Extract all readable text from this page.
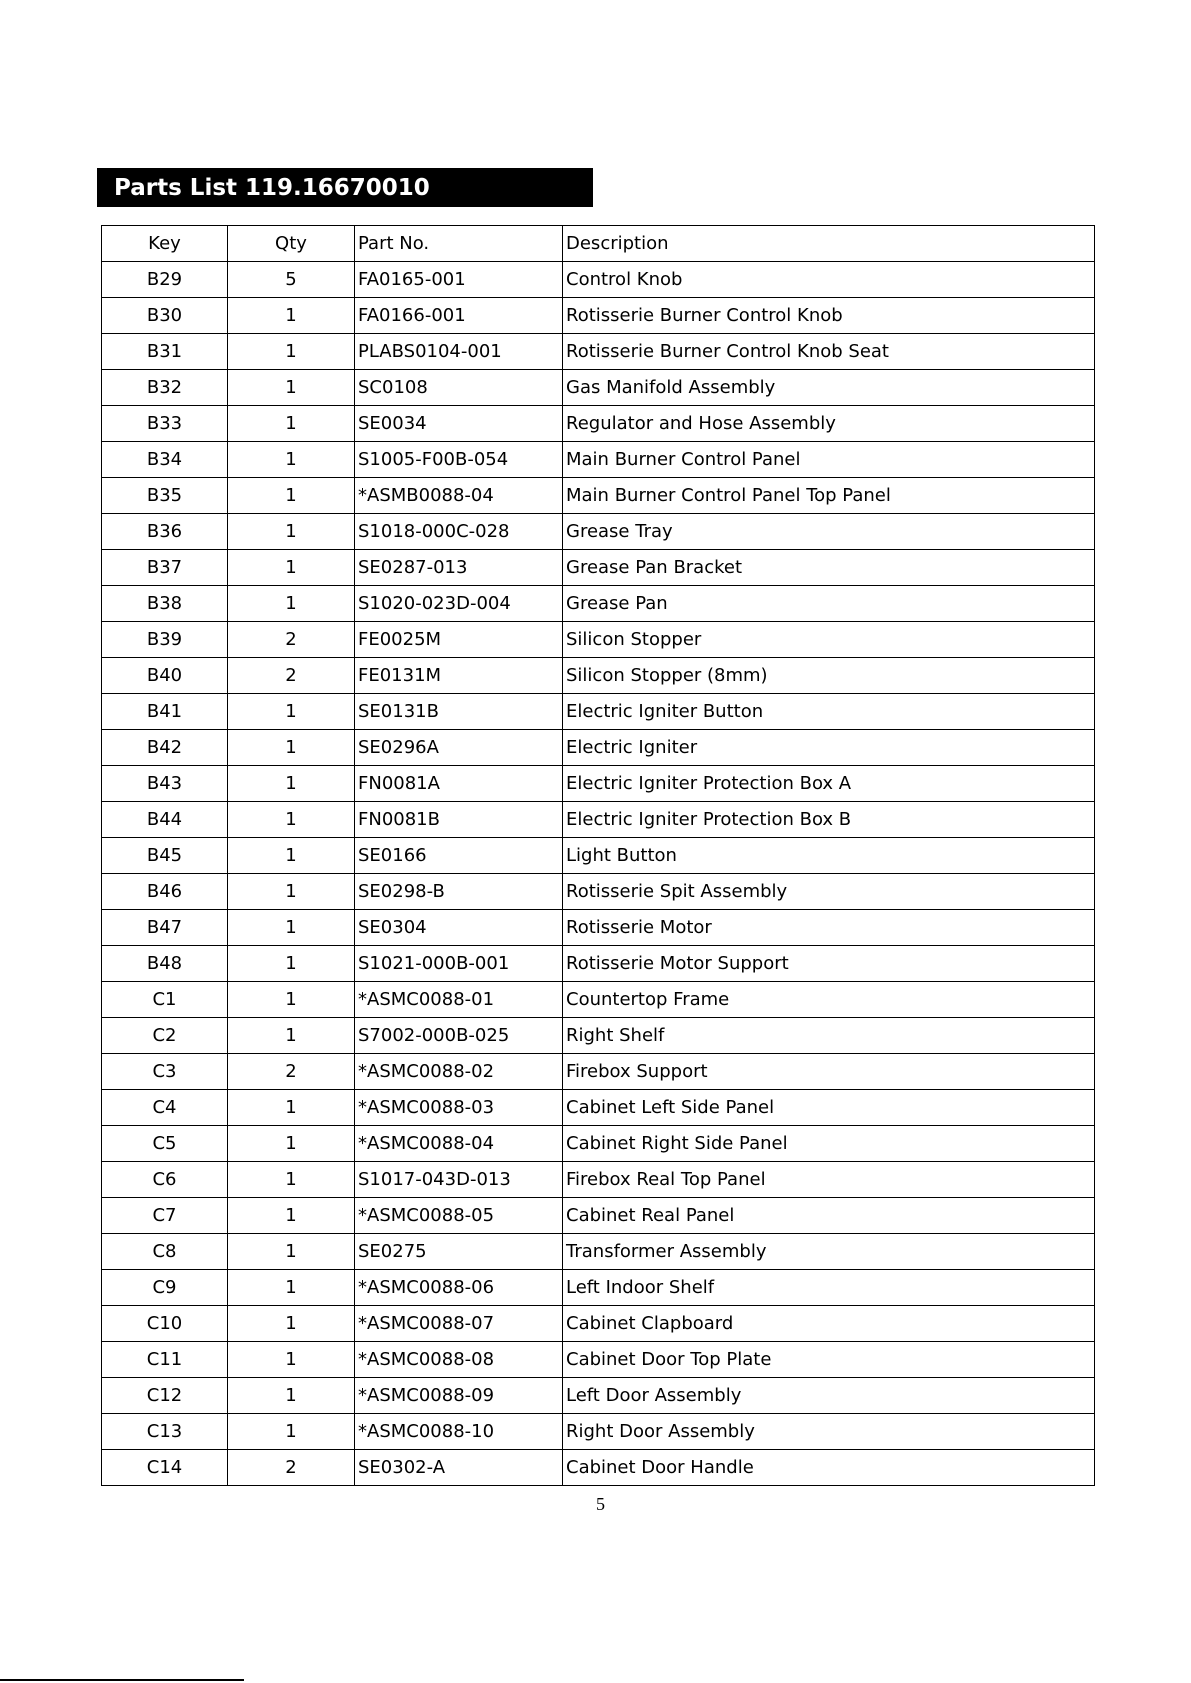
Parts List 119.16670010
Key	Qty	Part No.	Description
B29	5	FA0165-001	Control Knob
B30	1	FA0166-001	Rotisserie Burner Control Knob
B31	1	PLABS0104-001	Rotisserie Burner Control Knob Seat
B32	1	SC0108	Gas Manifold Assembly
B33	1	SE0034	Regulator and Hose Assembly
B34	1	S1005-F00B-054	Main Burner Control Panel
B35	1	*ASMB0088-04	Main Burner Control Panel Top Panel
B36	1	S1018-000C-028	Grease Tray
B37	1	SE0287-013	Grease Pan Bracket
B38	1	S1020-023D-004	Grease Pan
B39	2	FE0025M	Silicon Stopper
B40	2	FE0131M	Silicon Stopper (8mm)
B41	1	SE0131B	Electric Igniter Button
B42	1	SE0296A	Electric Igniter
B43	1	FN0081A	Electric Igniter Protection Box A
B44	1	FN0081B	Electric Igniter Protection Box B
B45	1	SE0166	Light Button
B46	1	SE0298-B	Rotisserie Spit Assembly
B47	1	SE0304	Rotisserie Motor
B48	1	S1021-000B-001	Rotisserie Motor Support
C1	1	*ASMC0088-01	Countertop Frame
C2	1	S7002-000B-025	Right Shelf
C3	2	*ASMC0088-02	Firebox Support
C4	1	*ASMC0088-03	Cabinet Left Side Panel
C5	1	*ASMC0088-04	Cabinet Right Side Panel
C6	1	S1017-043D-013	Firebox Real Top Panel
C7	1	*ASMC0088-05	Cabinet Real Panel
C8	1	SE0275	Transformer Assembly
C9	1	*ASMC0088-06	Left Indoor Shelf
C10	1	*ASMC0088-07	Cabinet Clapboard
C11	1	*ASMC0088-08	Cabinet Door Top Plate
C12	1	*ASMC0088-09	Left Door Assembly
C13	1	*ASMC0088-10	Right Door Assembly
C14	2	SE0302-A	Cabinet Door Handle
5
